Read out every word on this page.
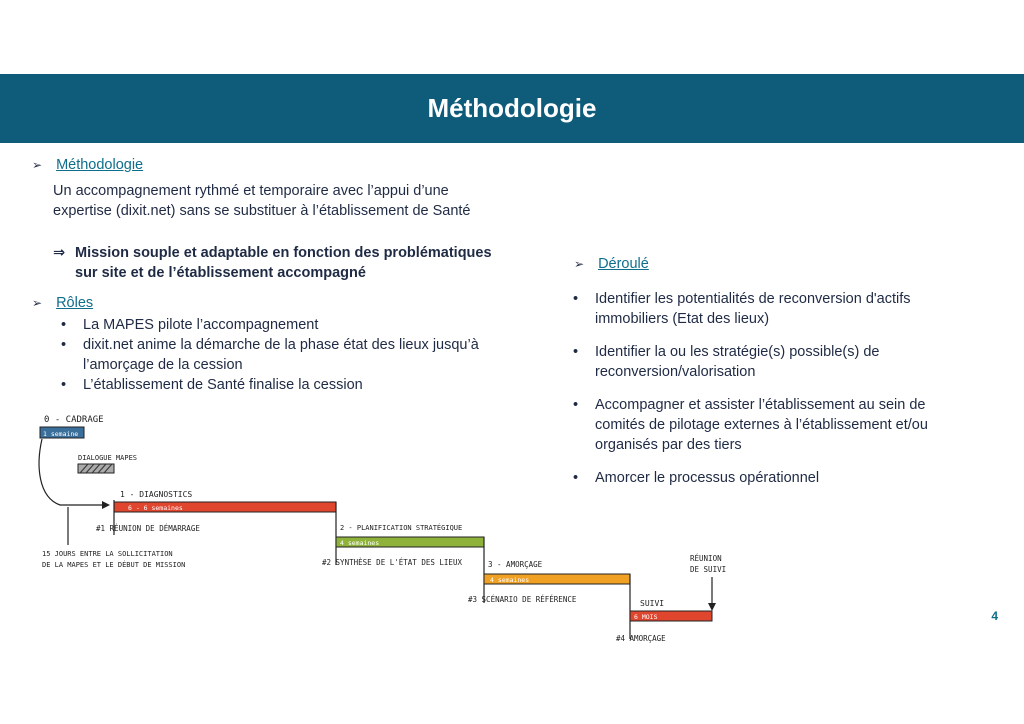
Méthodologie
➢ Méthodologie
Un accompagnement rythmé et temporaire avec l’appui d’une
expertise (dixit.net) sans se substituer à l’établissement de Santé
⇒ Mission souple et adaptable en fonction des problématiques
sur site et de l’établissement accompagné
➢ Rôles
• La MAPES pilote l’accompagnement
• dixit.net anime la démarche de la phase état des lieux jusqu’à
l’amorçage de la cession
• L’établissement de Santé finalise la cession
➢ Déroulé
• Identifier les potentialités de reconversion d'actifs
immobiliers (Etat des lieux)
• Identifier la ou les stratégie(s) possible(s) de
reconversion/valorisation
• Accompagner et assister l’établissement au sein de
comités de pilotage externes à l’établissement et/ou
organisés par des tiers
• Amorcer le processus opérationnel
0 - CADRAGE
1 semaine
DIALOGUE MAPES
1 - DIAGNOSTICS
6 - 6 semaines
#1 RÉUNION DE DÉMARRAGE
15 JOURS ENTRE LA SOLLICITATION
DE LA MAPES ET LE DÉBUT DE MISSION
2 - PLANIFICATION STRATÉGIQUE
4 semaines
#2 SYNTHÈSE DE L'ÉTAT DES LIEUX	3 - AMORÇAGE
4 semaines
#3 SCÉNARIO DE RÉFÉRENCE	SUIVI
6 MOIS
#4 AMORÇAGE
RÉUNION
DE SUIVI
4
